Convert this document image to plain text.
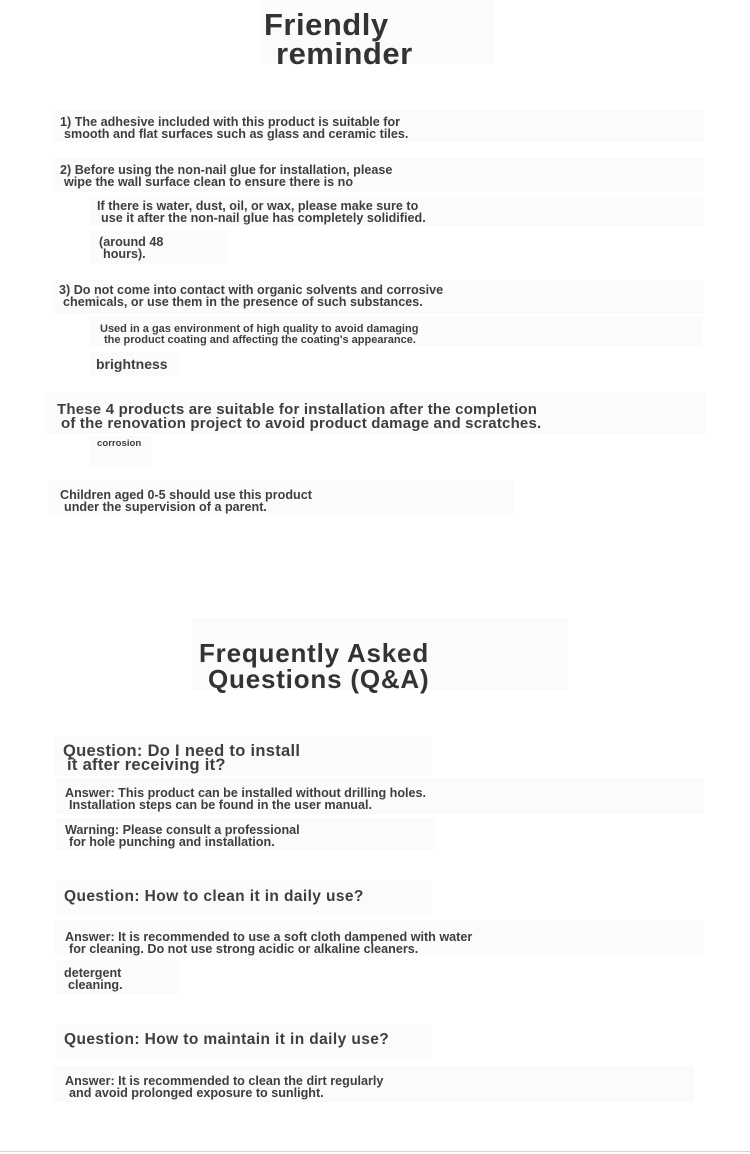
Friendly
reminder

1) The adhesive included with this product is suitable for
smooth and flat surfaces such as glass and ceramic tiles.

2) Before using the non-nail glue for installation, please
wipe the wall surface clean to ensure there is no

If there is water, dust, oil, or wax, please make sure to
use it after the non-nail glue has completely solidified.

(around 48
hours).

3) Do not come into contact with organic solvents and corrosive
chemicals, or use them in the presence of such substances.

Used in a gas environment of high quality to avoid damaging
the product coating and affecting the coating's appearance.

brightness

These 4 products are suitable for installation after the completion
of the renovation project to avoid product damage and scratches.

corrosion

Children aged 0-5 should use this product
under the supervision of a parent.

Frequently Asked
Questions (Q&A)

Question: Do I need to install
it after receiving it?

Answer: This product can be installed without drilling holes.
Installation steps can be found in the user manual.

Warning: Please consult a professional
for hole punching and installation.

Question: How to clean it in daily use?

Answer: It is recommended to use a soft cloth dampened with water
for cleaning. Do not use strong acidic or alkaline cleaners.

detergent
cleaning.

Question: How to maintain it in daily use?

Answer: It is recommended to clean the dirt regularly
and avoid prolonged exposure to sunlight.
